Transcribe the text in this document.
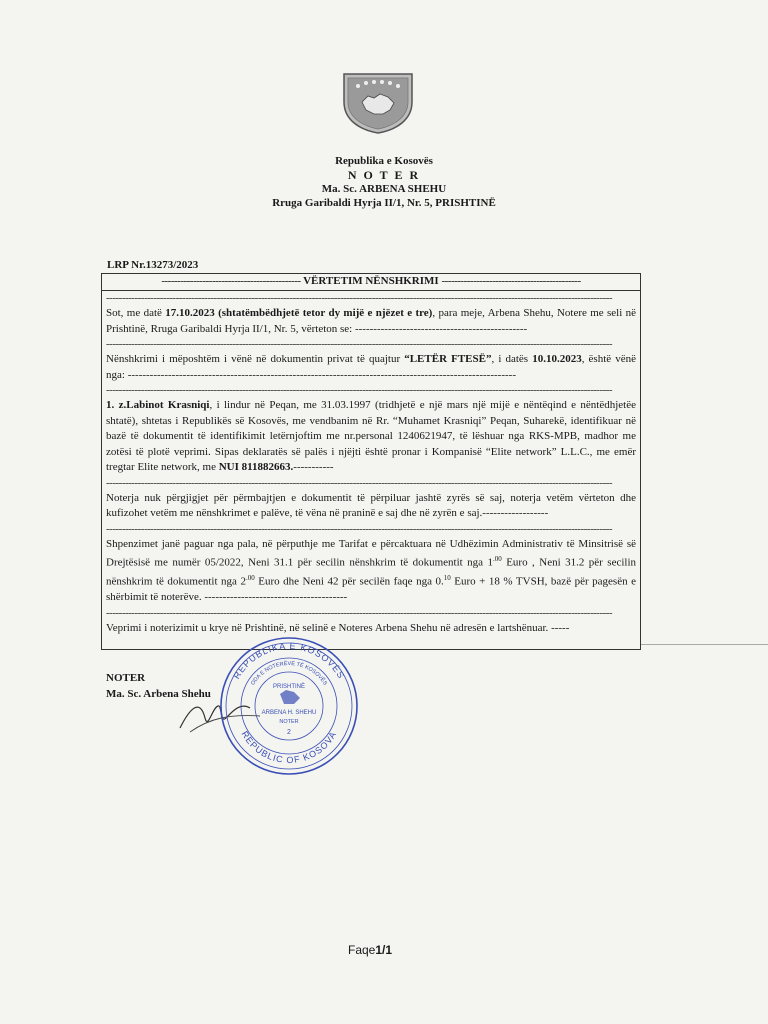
Republika e Kosovës
N O T E R
Ma. Sc. ARBENA SHEHU
Rruga Garibaldi Hyrja II/1, Nr. 5, PRISHTINË
LRP Nr.13273/2023
-------------------------------------------- VËRTETIM NËNSHKRIMI --------------------------------------------
----------------------------------------------------------------------------------------------------------------------------------------------------------------

Sot, me datë 17.10.2023 (shtatëmbëdhjetë tetor dy mijë e njëzet e tre), para meje, Arbena Shehu, Notere me seli në Prishtinë, Rruga Garibaldi Hyrja II/1, Nr. 5, vërteton se: -----------------------------------------------

----------------------------------------------------------------------------------------------------------------------------------------------------------------

Nënshkrimi i mëposhtëm i vënë në dokumentin privat të quajtur “LETËR FTESË”, i datës 10.10.2023, është vënë nga: ----------------------------------------------------------------------------------------------------------

----------------------------------------------------------------------------------------------------------------------------------------------------------------

1. z.Labinot Krasniqi, i lindur në Peqan, me 31.03.1997 (tridhjetë e një mars një mijë e nëntëqind e nëntëdhjetëe shtatë), shtetas i Republikës së Kosovës, me vendbanim në Rr. “Muhamet Krasniqi” Peqan, Suharekë, identifikuar në bazë të dokumentit të identifikimit letërnjoftim me nr.personal 1240621947, të lëshuar nga RKS-MPB, madhor me zotësi të plotë veprimi. Sipas deklaratës së palës i njëjti është pronar i Kompanisë “Elite network” L.L.C., me emër tregtar Elite network, me NUI 811882663.-----------

----------------------------------------------------------------------------------------------------------------------------------------------------------------

Noterja nuk përgjigjet për përmbajtjen e dokumentit të përpiluar jashtë zyrës së saj, noterja vetëm vërteton dhe kufizohet vetëm me nënshkrimet e palëve, të vëna në praninë e saj dhe në zyrën e saj.------------------

----------------------------------------------------------------------------------------------------------------------------------------------------------------

Shpenzimet janë paguar nga pala, në përputhje me Tarifat e përcaktuara në Udhëzimin Administrativ të Minsitrisë së Drejtësisë me numër 05/2022, Neni 31.1 për secilin nënshkrim të dokumentit nga $1^{.00}$ Euro , Neni 31.2 për secilin nënshkrim të dokumentit nga $2^{.00}$ Euro dhe Neni 42 për secilën faqe nga 0.10 Euro + 18 % TVSH, bazë për pagesën e shërbimit të noterëve. ---------------------------------------

----------------------------------------------------------------------------------------------------------------------------------------------------------------

Veprimi i noterizimit u krye në Prishtinë, në selinë e Noteres Arbena Shehu në adresën e lartshënuar. -----

NOTER
Ma. Sc. Arbena Shehu
REPUBLIKA E KOSOVËS
ODA E NOTERËVE TË KOSOVËS
REPUBLIC OF KOSOVA
PRISHTINË
ARBENA H. SHEHU
NOTER
2
Faqe1/1
